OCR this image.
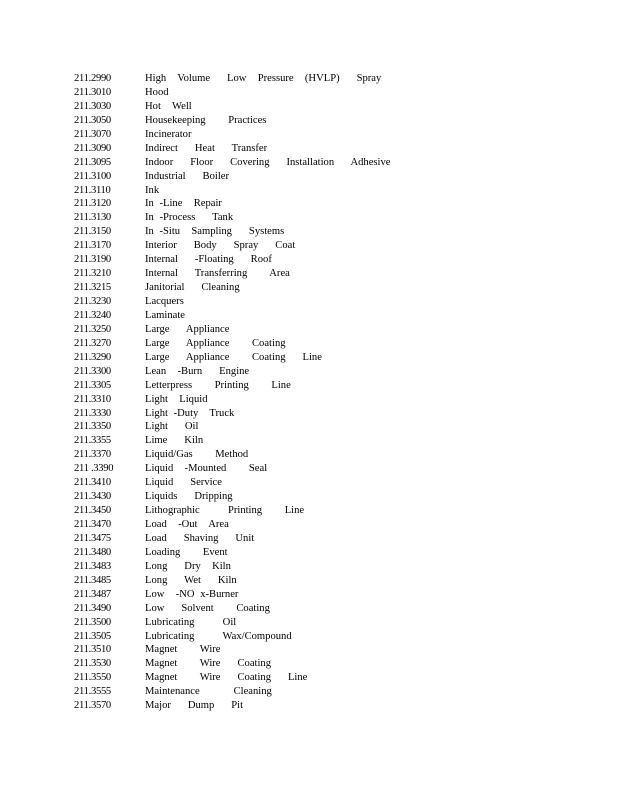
211.2990	High  Volume   Low  Pressure  (HVLP)   Spray
211.3010	Hood
211.3030	Hot  Well
211.3050	Housekeeping    Practices
211.3070	Incinerator
211.3090	Indirect   Heat   Transfer
211.3095	Indoor   Floor   Covering   Installation   Adhesive
211.3100	Industrial   Boiler
211.3110	Ink
211.3120	In -Line  Repair
211.3130	In -Process   Tank
211.3150	In -Situ  Sampling   Systems
211.3170	Interior   Body   Spray   Coat
211.3190	Internal   -Floating   Roof
211.3210	Internal   Transferring    Area
211.3215	Janitorial   Cleaning
211.3230	Lacquers
211.3240	Laminate
211.3250	Large   Appliance
211.3270	Large   Appliance    Coating
211.3290	Large   Appliance    Coating   Line
211.3300	Lean  -Burn   Engine
211.3305	Letterpress    Printing    Line
211.3310	Light  Liquid
211.3330	Light -Duty  Truck
211.3350	Light   Oil
211.3355	Lime   Kiln
211.3370	Liquid/Gas    Method
211 .3390	Liquid  -Mounted    Seal
211.3410	Liquid   Service
211.3430	Liquids   Dripping
211.3450	Lithographic     Printing    Line
211.3470	Load  -Out  Area
211.3475	Load   Shaving   Unit
211.3480	Loading    Event
211.3483	Long   Dry  Kiln
211.3485	Long   Wet   Kiln
211.3487	Low  -NO x-Burner
211.3490	Low   Solvent    Coating
211.3500	Lubricating     Oil
211.3505	Lubricating     Wax/Compound
211.3510	Magnet    Wire
211.3530	Magnet    Wire   Coating
211.3550	Magnet    Wire   Coating   Line
211.3555	Maintenance      Cleaning
211.3570	Major   Dump   Pit
